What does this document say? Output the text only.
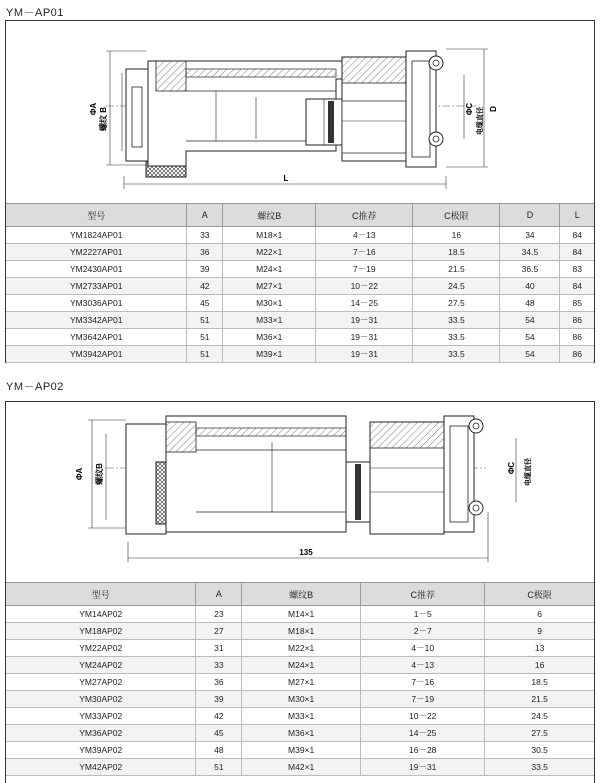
YM－AP01
ΦA 螺纹 B	ΦC 电缆直径 D
L
型号	A	螺纹B	C推荐	C极限	D	L
YM1824AP01	33	M18×1	4－13	16	34	84
YM2227AP01	36	M22×1	7－16	18.5	34.5	84
YM2430AP01	39	M24×1	7－19	21.5	36.5	83
YM2733AP01	42	M27×1	10－22	24.5	40	84
YM3036AP01	45	M30×1	14－25	27.5	48	85
YM3342AP01	51	M33×1	19－31	33.5	54	86
YM3642AP01	51	M36×1	19－31	33.5	54	86
YM3942AP01	51	M39×1	19－31	33.5	54	86
YM－AP02
ΦA 螺纹B	ΦC 电缆直径
135
型号	A	螺纹B	C推荐	C极限
YM14AP02	23	M14×1	1－5	6
YM18AP02	27	M18×1	2－7	9
YM22AP02	31	M22×1	4－10	13
YM24AP02	33	M24×1	4－13	16
YM27AP02	36	M27×1	7－16	18.5
YM30AP02	39	M30×1	7－19	21.5
YM33AP02	42	M33×1	10－22	24.5
YM36AP02	45	M36×1	14－25	27.5
YM39AP02	48	M39×1	16－28	30.5
YM42AP02	51	M42×1	19－31	33.5
